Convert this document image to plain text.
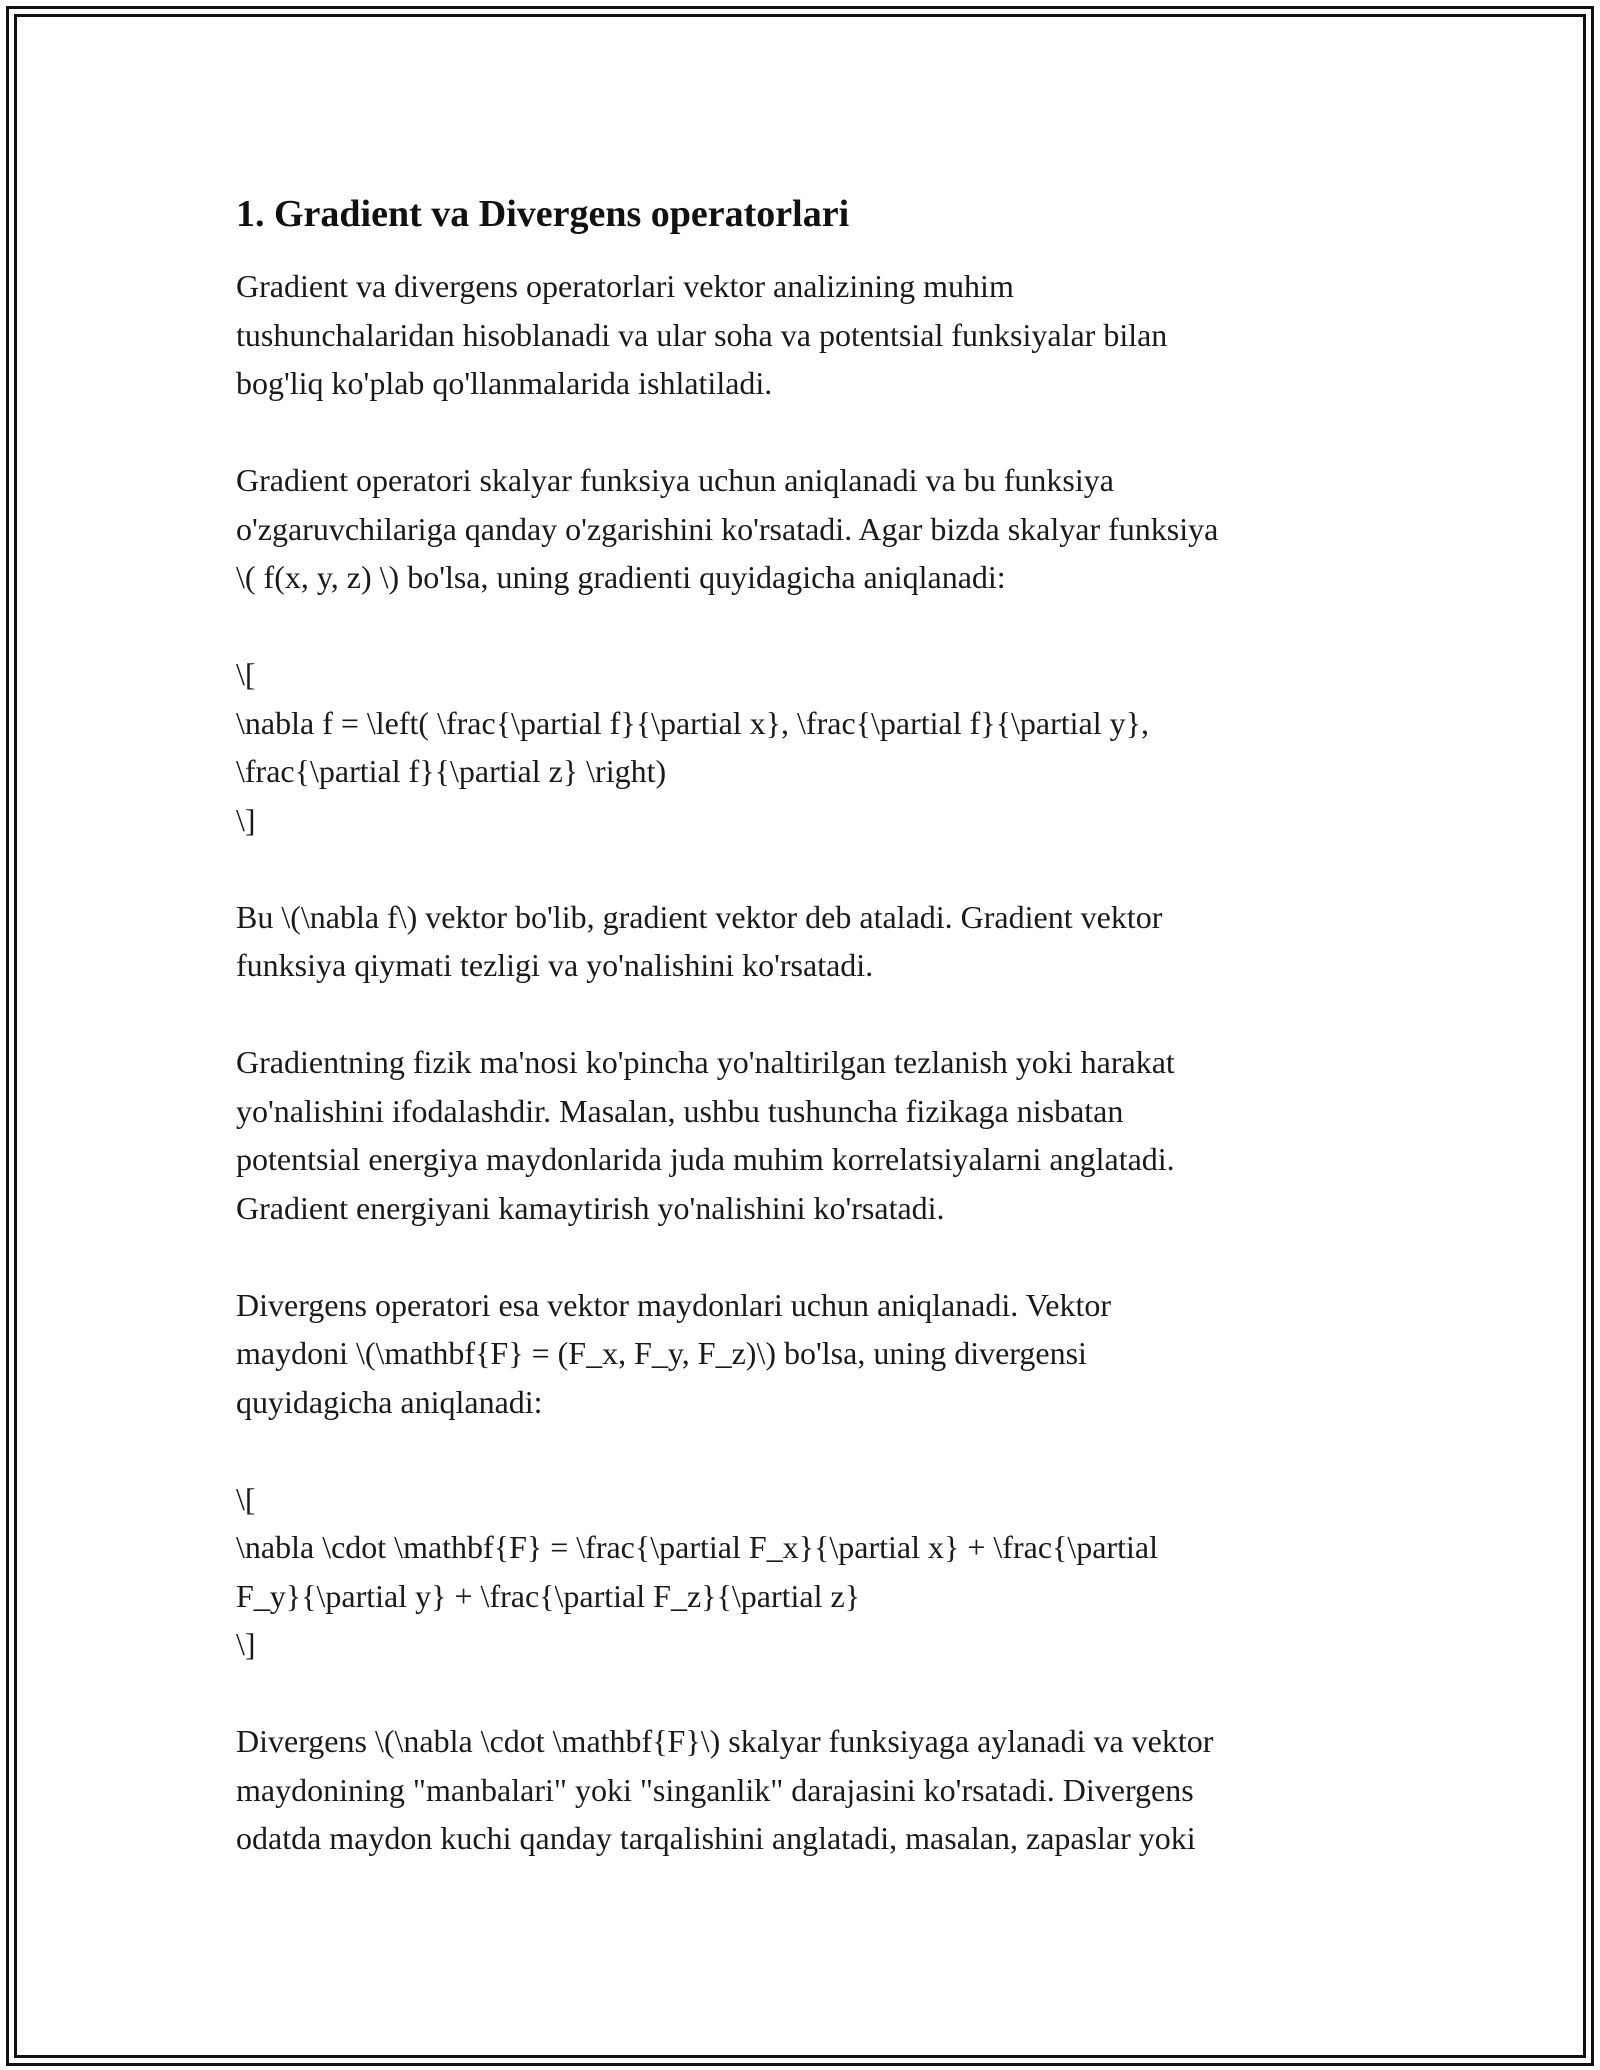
1. Gradient va Divergens operatorlari

Gradient va divergens operatorlari vektor analizining muhim
tushunchalaridan hisoblanadi va ular soha va potentsial funksiyalar bilan
bog'liq ko'plab qo'llanmalarida ishlatiladi.

Gradient operatori skalyar funksiya uchun aniqlanadi va bu funksiya
o'zgaruvchilariga qanday o'zgarishini ko'rsatadi. Agar bizda skalyar funksiya
\( f(x, y, z) \) bo'lsa, uning gradienti quyidagicha aniqlanadi:

\[
\nabla f = \left( \frac{\partial f}{\partial x}, \frac{\partial f}{\partial y},
\frac{\partial f}{\partial z} \right)
\]

Bu \(\nabla f\) vektor bo'lib, gradient vektor deb ataladi. Gradient vektor
funksiya qiymati tezligi va yo'nalishini ko'rsatadi.

Gradientning fizik ma'nosi ko'pincha yo'naltirilgan tezlanish yoki harakat
yo'nalishini ifodalashdir. Masalan, ushbu tushuncha fizikaga nisbatan
potentsial energiya maydonlarida juda muhim korrelatsiyalarni anglatadi.
Gradient energiyani kamaytirish yo'nalishini ko'rsatadi.

Divergens operatori esa vektor maydonlari uchun aniqlanadi. Vektor
maydoni \(\mathbf{F} = (F_x, F_y, F_z)\) bo'lsa, uning divergensi
quyidagicha aniqlanadi:

\[
\nabla \cdot \mathbf{F} = \frac{\partial F_x}{\partial x} + \frac{\partial
F_y}{\partial y} + \frac{\partial F_z}{\partial z}
\]

Divergens \(\nabla \cdot \mathbf{F}\) skalyar funksiyaga aylanadi va vektor
maydonining "manbalari" yoki "singanlik" darajasini ko'rsatadi. Divergens
odatda maydon kuchi qanday tarqalishini anglatadi, masalan, zapaslar yoki
